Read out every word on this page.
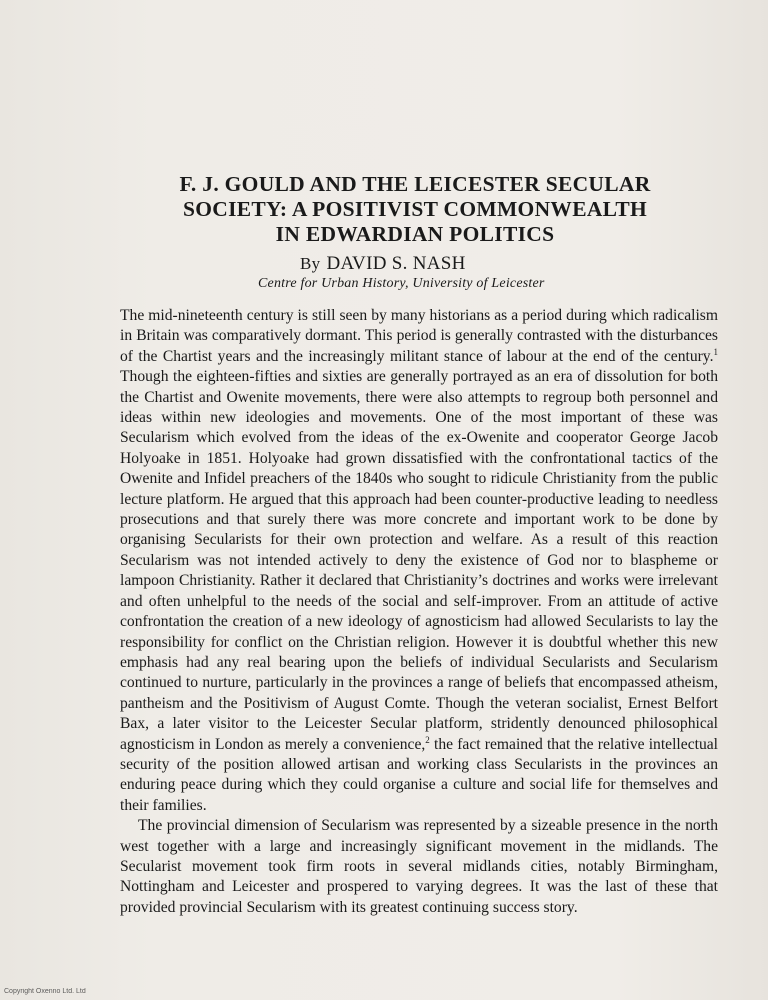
F. J. GOULD AND THE LEICESTER SECULAR
SOCIETY: A POSITIVIST COMMONWEALTH
IN EDWARDIAN POLITICS
By DAVID S. NASH
Centre for Urban History, University of Leicester

The mid-nineteenth century is still seen by many historians as a period during which radicalism in Britain was comparatively dormant. This period is generally contrasted with the disturbances of the Chartist years and the increasingly militant stance of labour at the end of the century.$^1$ Though the eighteen-fifties and sixties are generally portrayed as an era of dissolution for both the Chartist and Owenite movements, there were also attempts to regroup both personnel and ideas within new ideologies and movements. One of the most important of these was Secularism which evolved from the ideas of the ex-Owenite and cooperator George Jacob Holyoake in 1851. Holyoake had grown dissatisfied with the confrontational tactics of the Owenite and Infidel preachers of the 1840s who sought to ridicule Christianity from the public lecture platform. He argued that this approach had been counter-productive leading to needless prosecutions and that surely there was more concrete and important work to be done by organising Secularists for their own protection and welfare. As a result of this reaction Secularism was not intended actively to deny the existence of God nor to blaspheme or lampoon Christianity. Rather it declared that Christianity’s doctrines and works were irrelevant and often unhelpful to the needs of the social and self-improver. From an attitude of active confrontation the creation of a new ideology of agnosticism had allowed Secularists to lay the responsibility for conflict on the Christian religion. However it is doubtful whether this new emphasis had any real bearing upon the beliefs of individual Secularists and Secularism continued to nurture, particularly in the provinces a range of beliefs that encompassed atheism, pantheism and the Positivism of August Comte. Though the veteran socialist, Ernest Belfort Bax, a later visitor to the Leicester Secular platform, stridently denounced philosophical agnosticism in London as merely a convenience,$^2$ the fact remained that the relative intellectual security of the position allowed artisan and working class Secularists in the provinces an enduring peace during which they could organise a culture and social life for themselves and their families.

The provincial dimension of Secularism was represented by a sizeable presence in the north west together with a large and increasingly significant movement in the midlands. The Secularist movement took firm roots in several midlands cities, notably Birmingham, Nottingham and Leicester and prospered to varying degrees. It was the last of these that provided provincial Secularism with its greatest continuing success story.

Copyright Oxenno Ltd. Ltd
